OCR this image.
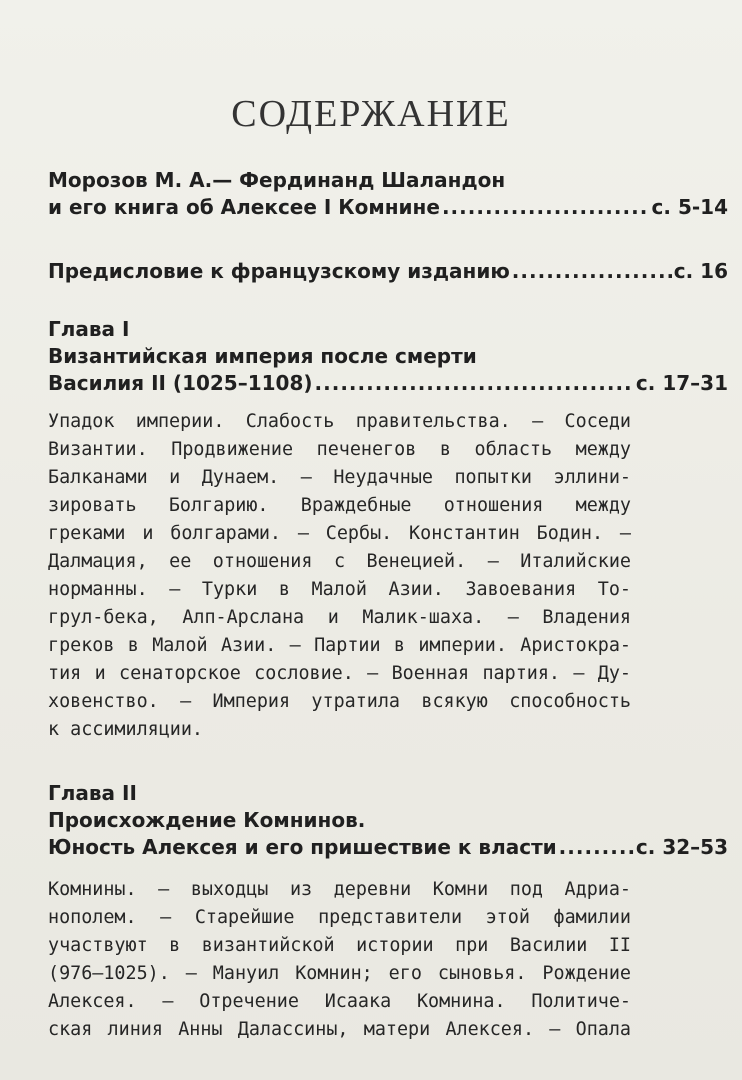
СОДЕРЖАНИЕ
Морозов М. А.— Фердинанд Шаландон
и его книга об Алексее I Комнине .....	с. 5-14
Предисловие к французскому изданию .....	с. 16
Глава I
Византийская империя после смерти
Василия II (1025–1108) .....	с. 17–31
Упадок империи. Слабость правительства. — Соседи
Византии. Продвижение печенегов в область между
Балканами и Дунаем. — Неудачные попытки эллини-
зировать Болгарию. Враждебные отношения между
греками и болгарами. — Сербы. Константин Бодин. —
Далмация, ее отношения с Венецией. — Италийские
норманны. — Турки в Малой Азии. Завоевания То-
грул-бека, Алп-Арслана и Малик-шаха. — Владения
греков в Малой Азии. — Партии в империи. Аристокра-
тия и сенаторское сословие. — Военная партия. — Ду-
ховенство. — Империя утратила всякую способность
к ассимиляции.
Глава II
Происхождение Комнинов.
Юность Алексея и его пришествие к власти .....	с. 32–53
Комнины. — выходцы из деревни Комни под Адриа-
нополем. — Старейшие представители этой фамилии
участвуют в византийской истории при Василии II
(976–1025). — Мануил Комнин; его сыновья. Рождение
Алексея. — Отречение Исаака Комнина. Политиче-
ская линия Анны Далассины, матери Алексея. — Опала
